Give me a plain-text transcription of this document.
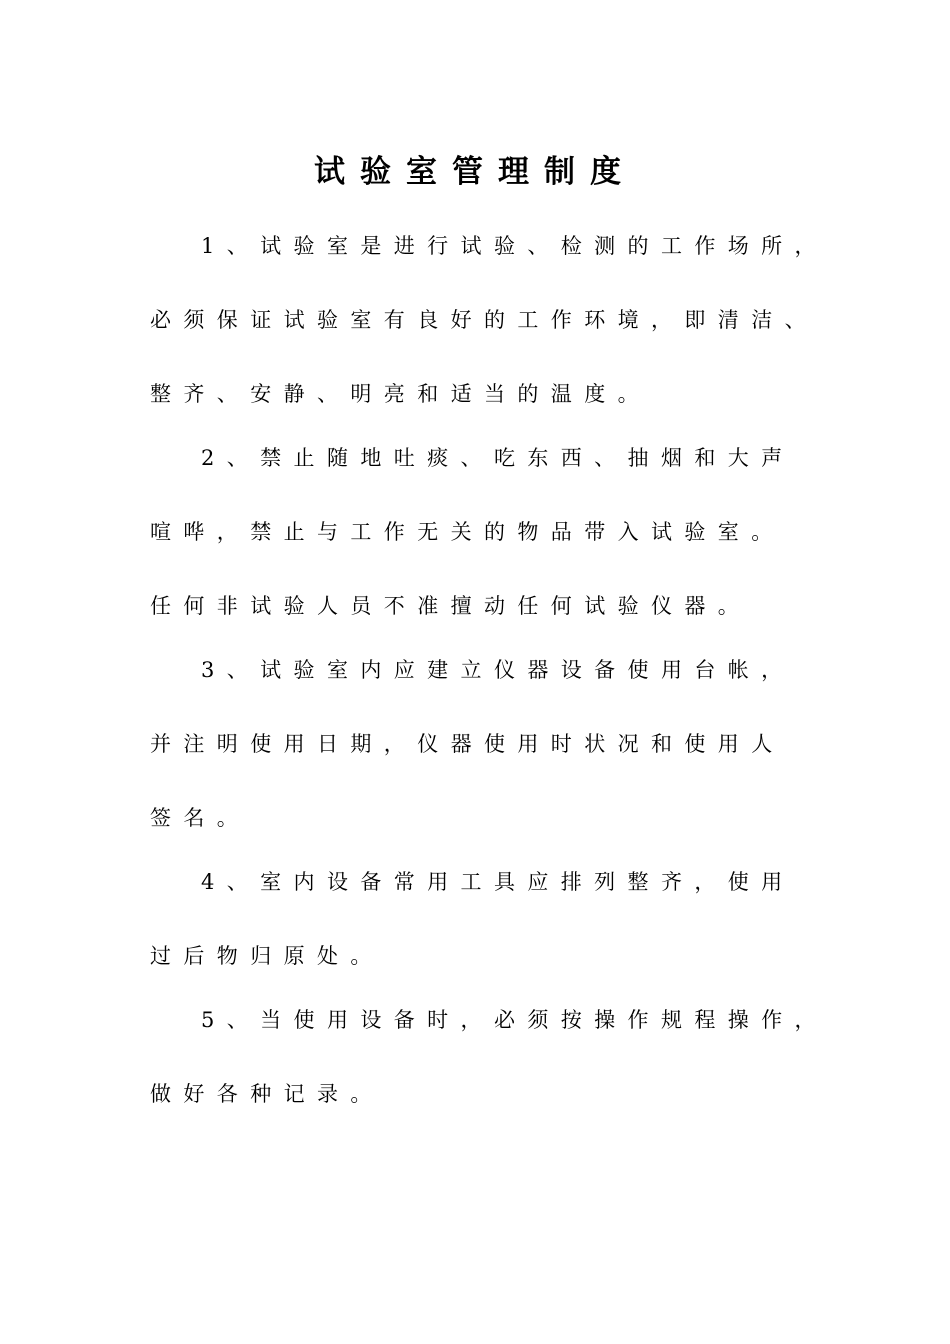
试验室管理制度
1、试验室是进行试验、检测的工作场所，
必须保证试验室有良好的工作环境，即清洁、
整齐、安静、明亮和适当的温度。
2、禁止随地吐痰、吃东西、抽烟和大声
喧哗，禁止与工作无关的物品带入试验室。
任何非试验人员不准擅动任何试验仪器。
3、试验室内应建立仪器设备使用台帐，
并注明使用日期，仪器使用时状况和使用人
签名。
4、室内设备常用工具应排列整齐，使用
过后物归原处。
5、当使用设备时，必须按操作规程操作，
做好各种记录。
